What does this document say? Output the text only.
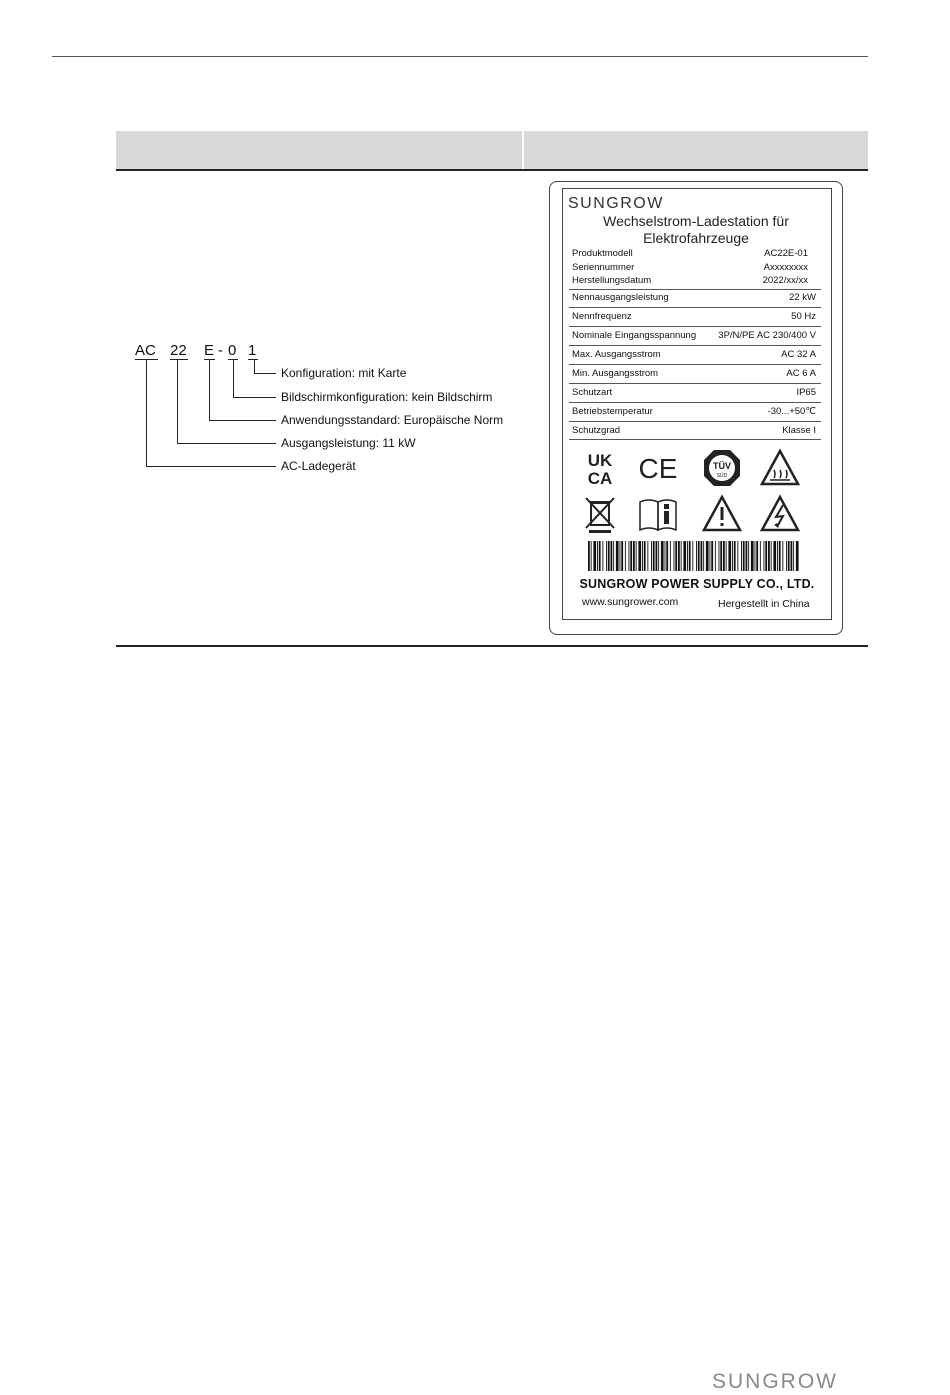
AC 22 E - 0 1
Konfiguration: mit Karte
Bildschirmkonfiguration: kein Bildschirm
Anwendungsstandard: Europäische Norm
Ausgangsleistung: 11 kW
AC-Ladegerät
SUNGROW
Wechselstrom-Ladestation für
Elektrofahrzeuge
Produktmodell	AC22E-01
Seriennummer	Axxxxxxxx
Herstellungsdatum	2022/xx/xx
Nennausgangsleistung	22 kW
Nennfrequenz	50 Hz
Nominale Eingangsspannung 3P/N/PE AC 230/400 V
Max. Ausgangsstrom	AC 32 A
Min. Ausgangsstrom	AC 6 A
Schutzart	IP65
Betriebstemperatur	-30...+50℃
Schutzgrad	Klasse I
UK
CA CE	TÜV
SÜD
SUNGROW POWER SUPPLY CO., LTD.
www.sungrower.com	Hergestellt in China
SUNGROW
